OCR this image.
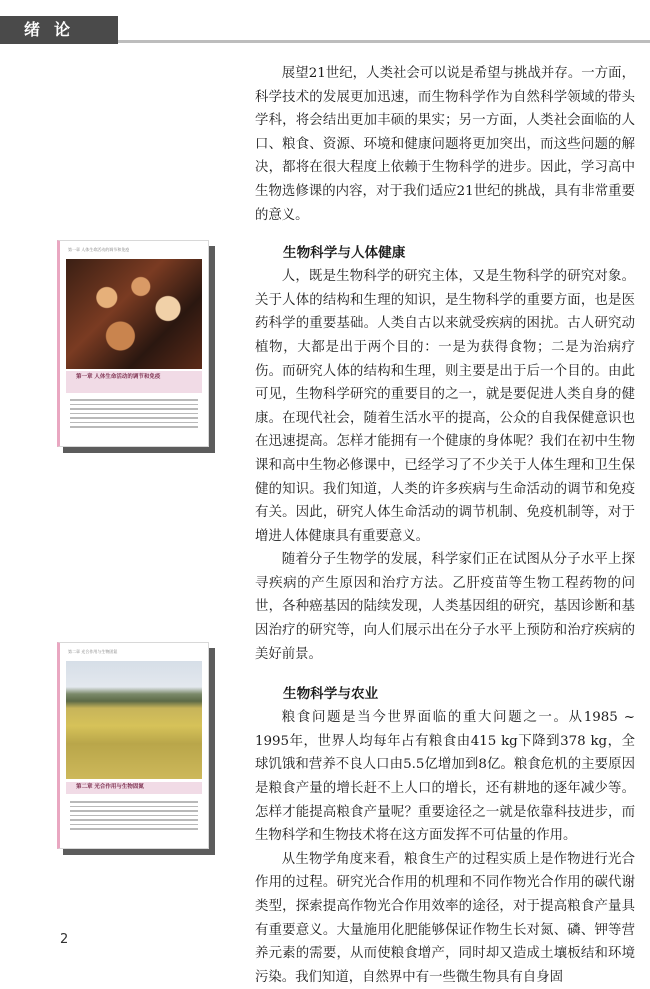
绪论
第一章 人体生命活动的调节和免疫
第一章 人体生命活动的调节和免疫
第二章 光合作用与生物固氮
第二章 光合作用与生物固氮

展望21世纪，人类社会可以说是希望与挑战并存。一方面，科学技术的发展更加迅速，而生物科学作为自然科学领域的带头学科，将会结出更加丰硕的果实；另一方面，人类社会面临的人口、粮食、资源、环境和健康问题将更加突出，而这些问题的解决，都将在很大程度上依赖于生物科学的进步。因此，学习高中生物选修课的内容，对于我们适应21世纪的挑战，具有非常重要的意义。

生物科学与人体健康

人，既是生物科学的研究主体，又是生物科学的研究对象。关于人体的结构和生理的知识，是生物科学的重要方面，也是医药科学的重要基础。人类自古以来就受疾病的困扰。古人研究动植物，大都是出于两个目的：一是为获得食物；二是为治病疗伤。而研究人体的结构和生理，则主要是出于后一个目的。由此可见，生物科学研究的重要目的之一，就是要促进人类自身的健康。在现代社会，随着生活水平的提高，公众的自我保健意识也在迅速提高。怎样才能拥有一个健康的身体呢？我们在初中生物课和高中生物必修课中，已经学习了不少关于人体生理和卫生保健的知识。我们知道，人类的许多疾病与生命活动的调节和免疫有关。因此，研究人体生命活动的调节机制、免疫机制等，对于增进人体健康具有重要意义。

随着分子生物学的发展，科学家们正在试图从分子水平上探寻疾病的产生原因和治疗方法。乙肝疫苗等生物工程药物的问世，各种癌基因的陆续发现，人类基因组的研究，基因诊断和基因治疗的研究等，向人们展示出在分子水平上预防和治疗疾病的美好前景。

生物科学与农业

粮食问题是当今世界面临的重大问题之一。从1985 ~ 1995年，世界人均每年占有粮食由415 kg下降到378 kg，全球饥饿和营养不良人口由5.5亿增加到8亿。粮食危机的主要原因是粮食产量的增长赶不上人口的增长，还有耕地的逐年减少等。怎样才能提高粮食产量呢？重要途径之一就是依靠科技进步，而生物科学和生物技术将在这方面发挥不可估量的作用。

从生物学角度来看，粮食生产的过程实质上是作物进行光合作用的过程。研究光合作用的机理和不同作物光合作用的碳代谢类型，探索提高作物光合作用效率的途径，对于提高粮食产量具有重要意义。大量施用化肥能够保证作物生长对氮、磷、钾等营养元素的需要，从而使粮食增产，同时却又造成土壤板结和环境污染。我们知道，自然界中有一些微生物具有自身固

2
